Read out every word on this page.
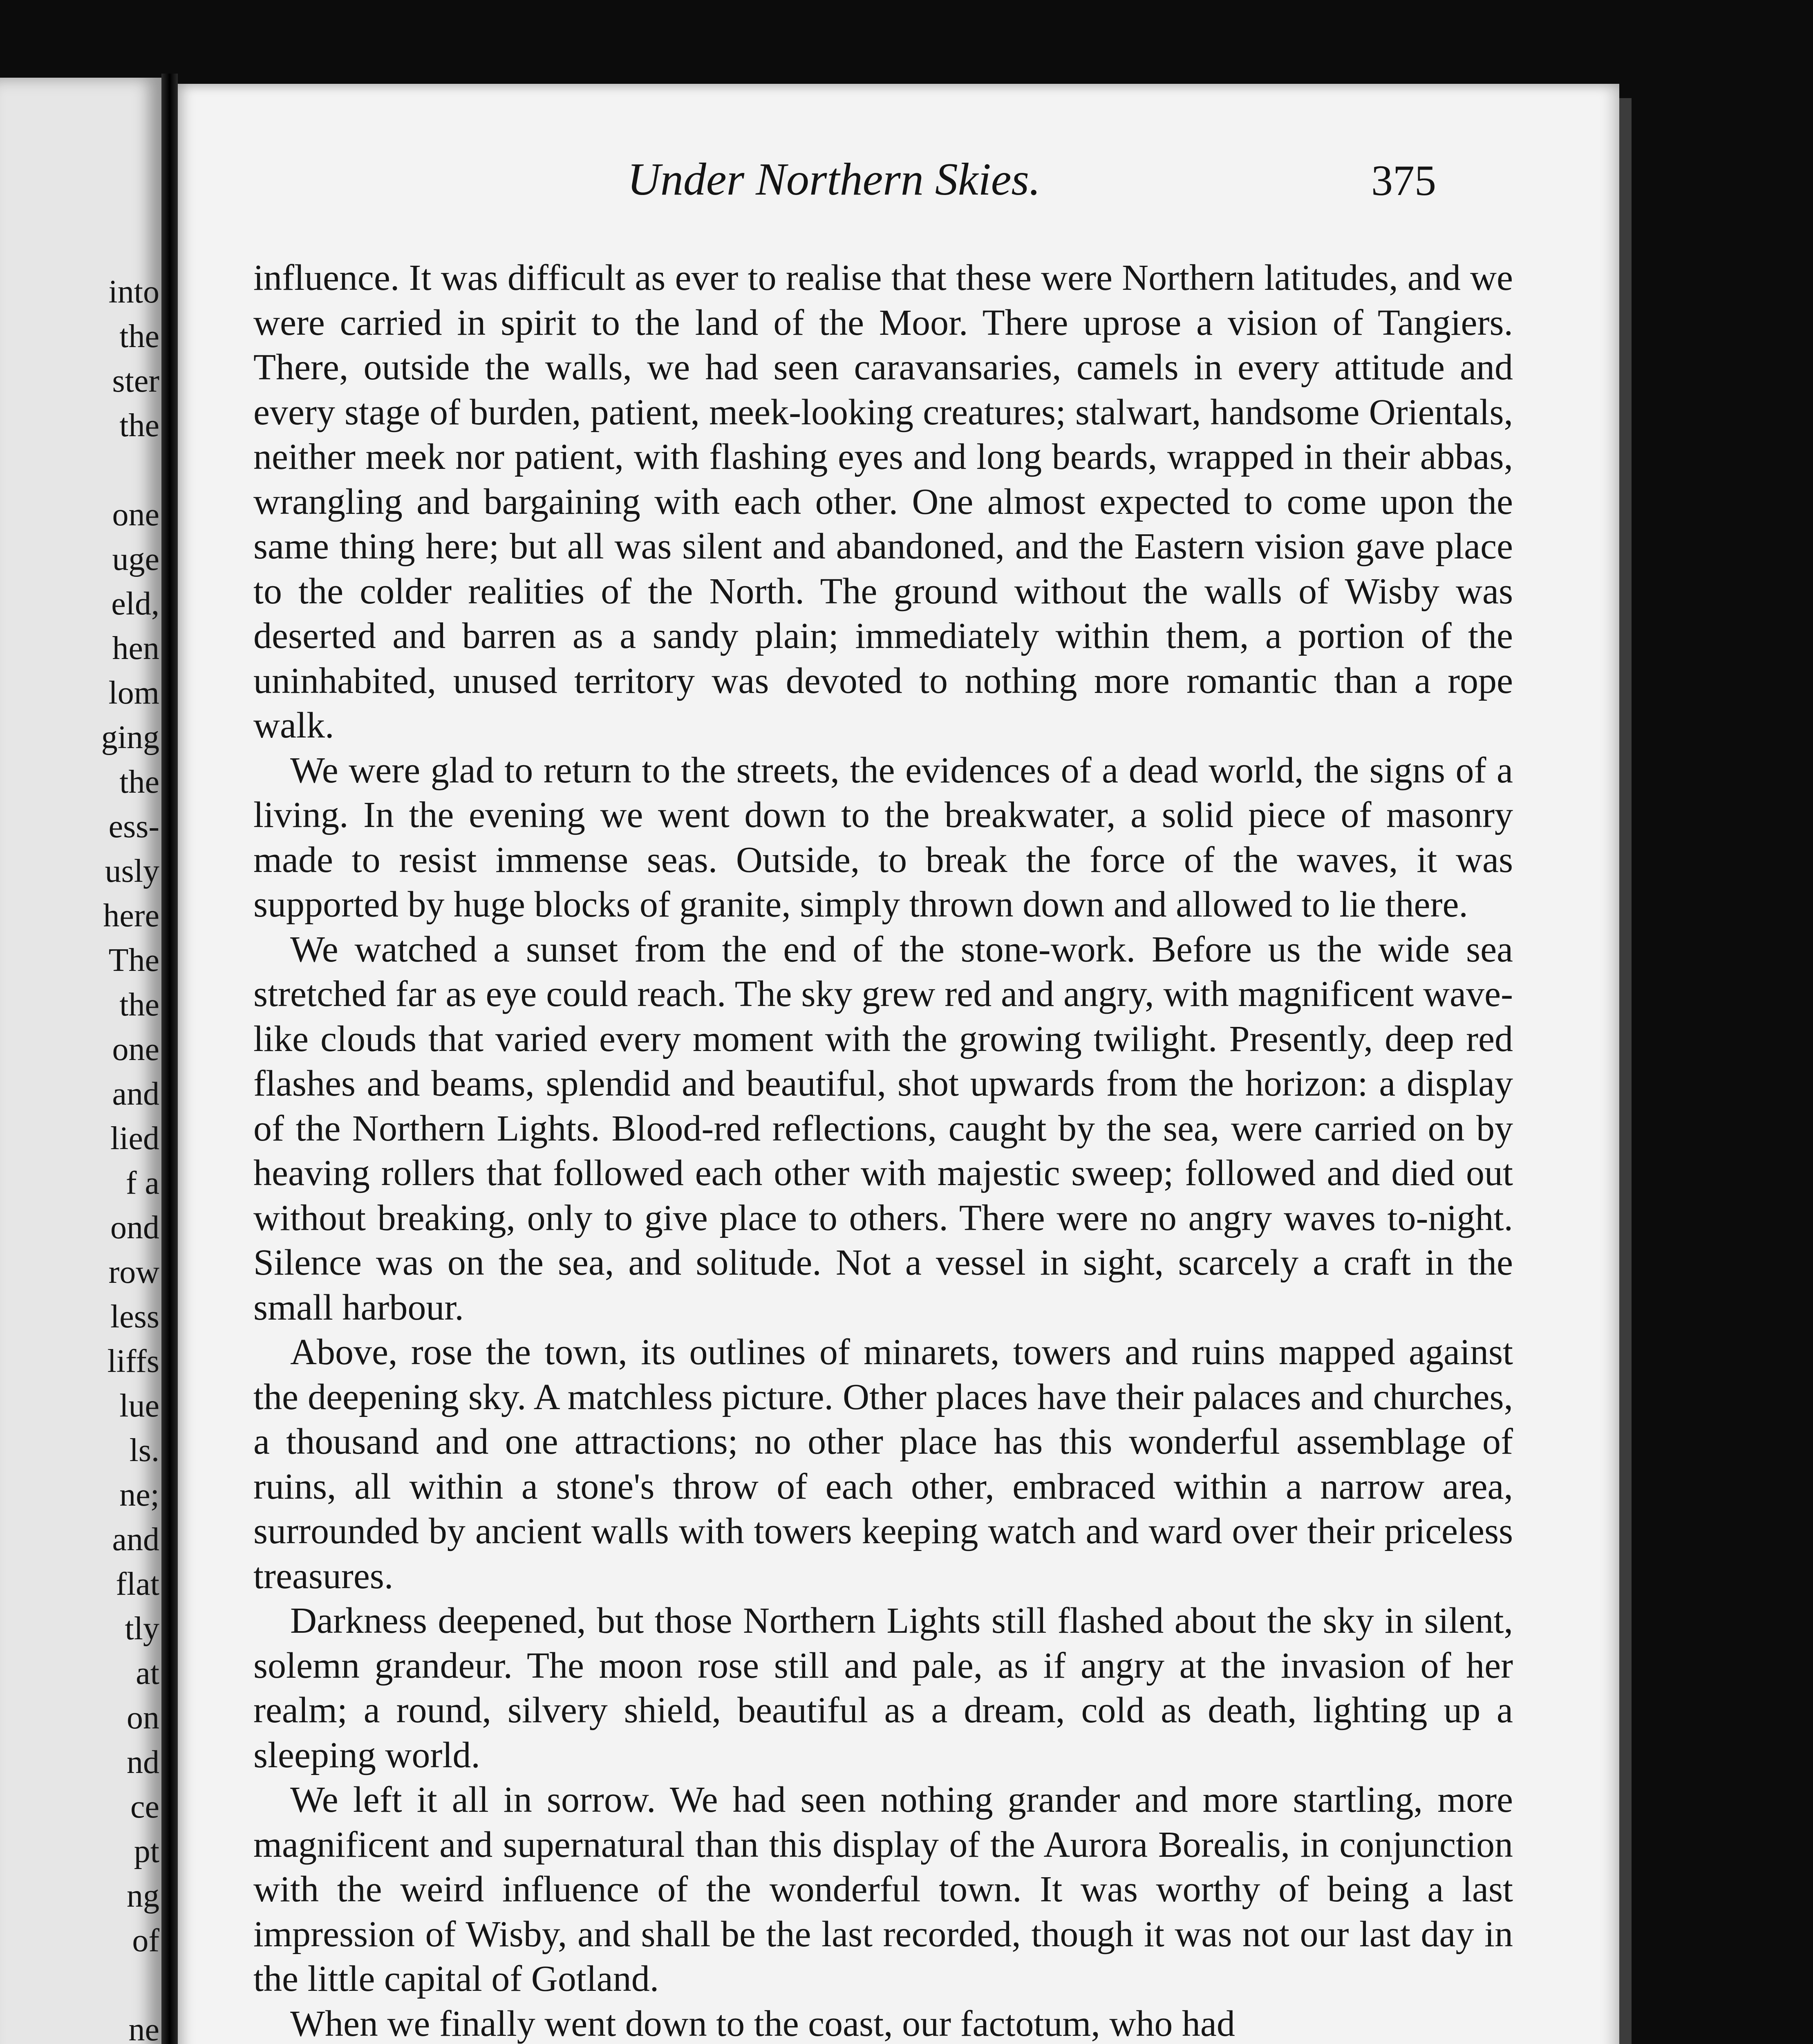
into
the
ster
the
one
uge
eld,
hen
lom
ging
the
ess-
usly
here
The
the
one
and
lied
f a
ond
row
less
liffs
lue
ls.
ne;
and
flat
tly
at
on
nd
ce
pt
ng
of
ne
Under Northern Skies.	375

influence. It was difficult as ever to realise that these were Northern latitudes, and we were carried in spirit to the land of the Moor. There uprose a vision of Tangiers. There, outside the walls, we had seen caravansaries, camels in every attitude and every stage of burden, patient, meek-looking creatures; stalwart, handsome Orientals, neither meek nor patient, with flashing eyes and long beards, wrapped in their abbas, wrangling and bargaining with each other. One almost expected to come upon the same thing here; but all was silent and abandoned, and the Eastern vision gave place to the colder realities of the North. The ground without the walls of Wisby was deserted and barren as a sandy plain; immediately within them, a portion of the uninhabited, unused territory was devoted to nothing more romantic than a rope walk.

We were glad to return to the streets, the evidences of a dead world, the signs of a living. In the evening we went down to the breakwater, a solid piece of masonry made to resist immense seas. Outside, to break the force of the waves, it was supported by huge blocks of granite, simply thrown down and allowed to lie there.

We watched a sunset from the end of the stone-work. Before us the wide sea stretched far as eye could reach. The sky grew red and angry, with magnificent wave-like clouds that varied every moment with the growing twilight. Presently, deep red flashes and beams, splendid and beautiful, shot upwards from the horizon: a display of the Northern Lights. Blood-red reflections, caught by the sea, were carried on by heaving rollers that followed each other with majestic sweep; followed and died out without breaking, only to give place to others. There were no angry waves to-night. Silence was on the sea, and solitude. Not a vessel in sight, scarcely a craft in the small harbour.

Above, rose the town, its outlines of minarets, towers and ruins mapped against the deepening sky. A matchless picture. Other places have their palaces and churches, a thousand and one attractions; no other place has this wonderful assemblage of ruins, all within a stone's throw of each other, embraced within a narrow area, surrounded by ancient walls with towers keeping watch and ward over their priceless treasures.

Darkness deepened, but those Northern Lights still flashed about the sky in silent, solemn grandeur. The moon rose still and pale, as if angry at the invasion of her realm; a round, silvery shield, beautiful as a dream, cold as death, lighting up a sleeping world.

We left it all in sorrow. We had seen nothing grander and more startling, more magnificent and supernatural than this display of the Aurora Borealis, in conjunction with the weird influence of the wonderful town. It was worthy of being a last impression of Wisby, and shall be the last recorded, though it was not our last day in the little capital of Gotland.

When we finally went down to the coast, our factotum, who had
